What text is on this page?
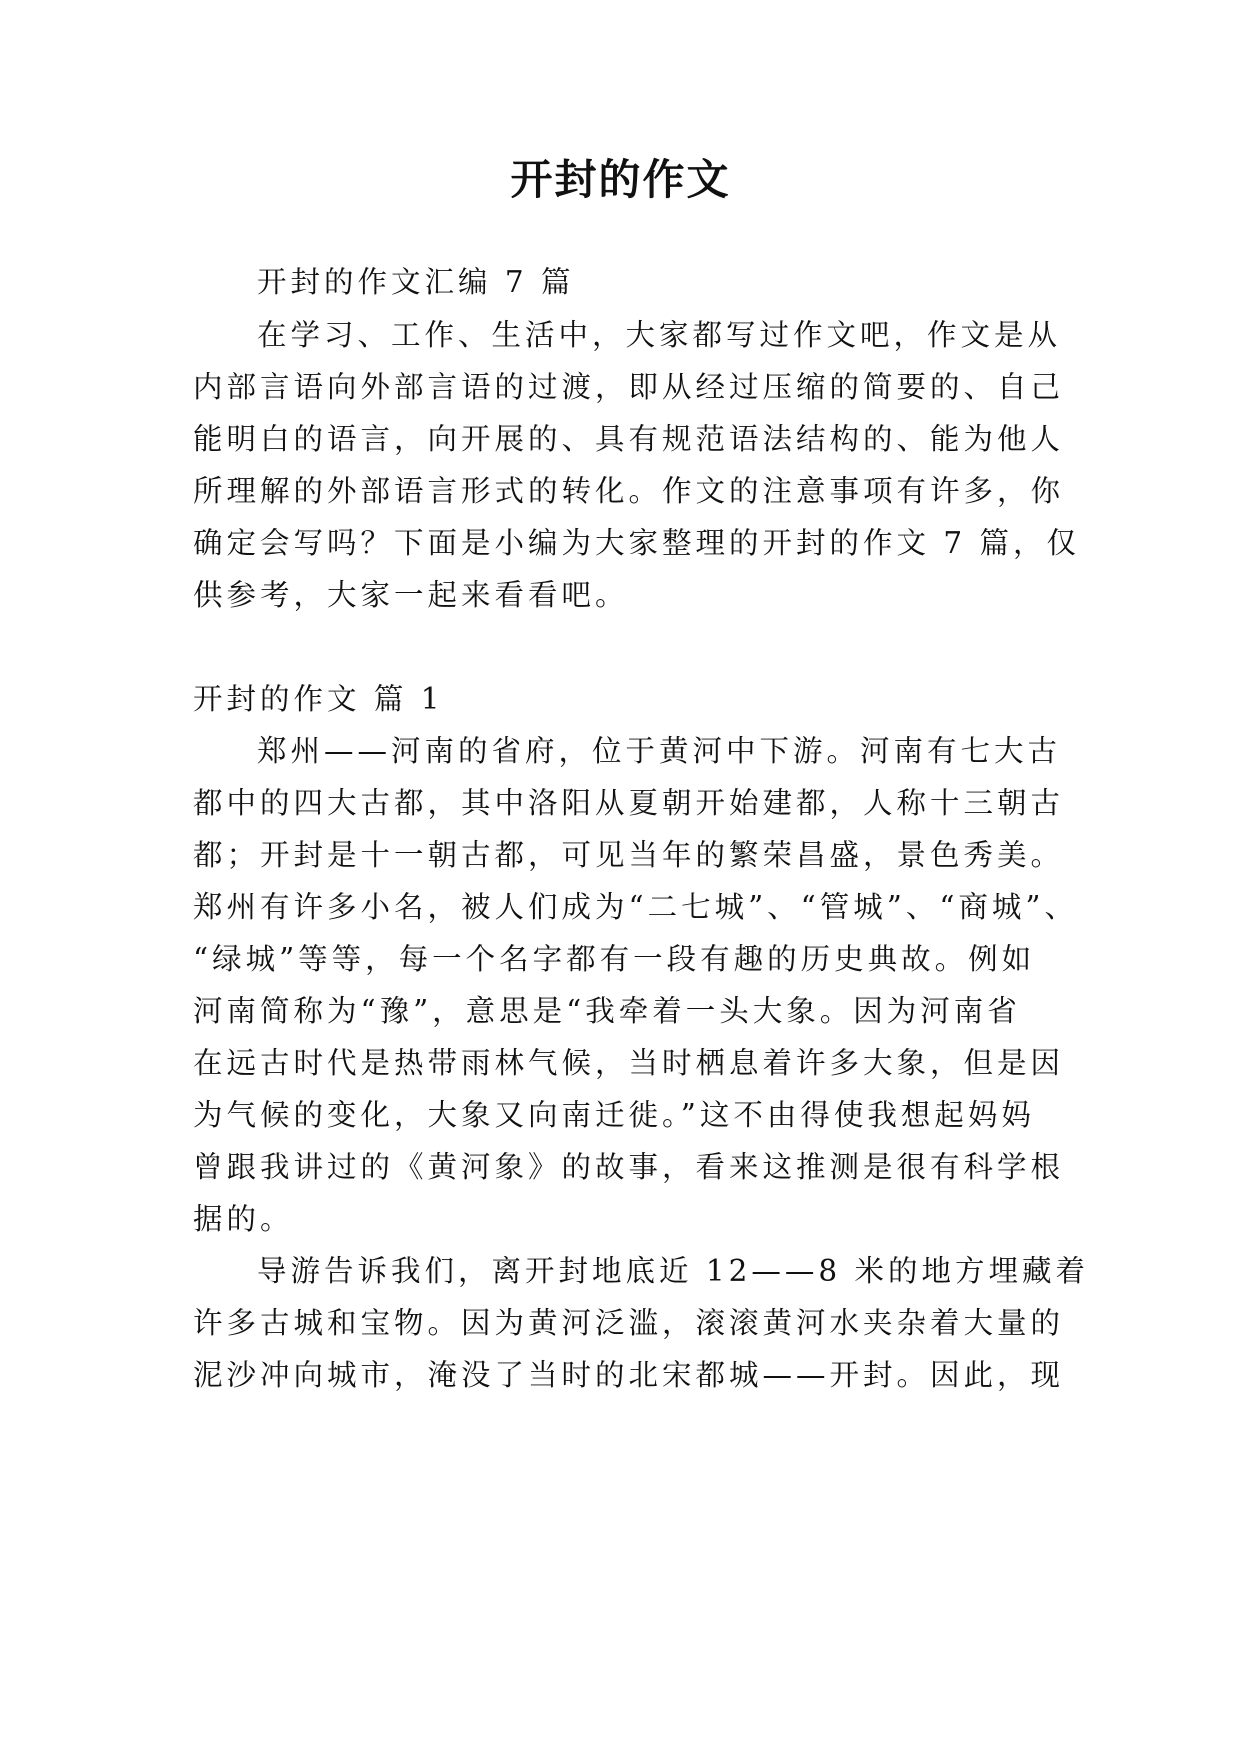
开封的作文
开封的作文汇编 7 篇
在学习、工作、生活中，大家都写过作文吧，作文是从
内部言语向外部言语的过渡，即从经过压缩的简要的、自己
能明白的语言，向开展的、具有规范语法结构的、能为他人
所理解的外部语言形式的转化。作文的注意事项有许多，你
确定会写吗？下面是小编为大家整理的开封的作文 7 篇，仅
供参考，大家一起来看看吧。
开封的作文 篇 1
郑州——河南的省府，位于黄河中下游。河南有七大古
都中的四大古都，其中洛阳从夏朝开始建都，人称十三朝古
都；开封是十一朝古都，可见当年的繁荣昌盛，景色秀美。
郑州有许多小名，被人们成为“二七城”、“管城”、“商城”、
“绿城”等等，每一个名字都有一段有趣的历史典故。例如
河南简称为“豫”，意思是“我牵着一头大象。因为河南省
在远古时代是热带雨林气候，当时栖息着许多大象，但是因
为气候的变化，大象又向南迁徙。”这不由得使我想起妈妈
曾跟我讲过的《黄河象》的故事，看来这推测是很有科学根
据的。
导游告诉我们，离开封地底近 12——8 米的地方埋藏着
许多古城和宝物。因为黄河泛滥，滚滚黄河水夹杂着大量的
泥沙冲向城市，淹没了当时的北宋都城——开封。因此，现
